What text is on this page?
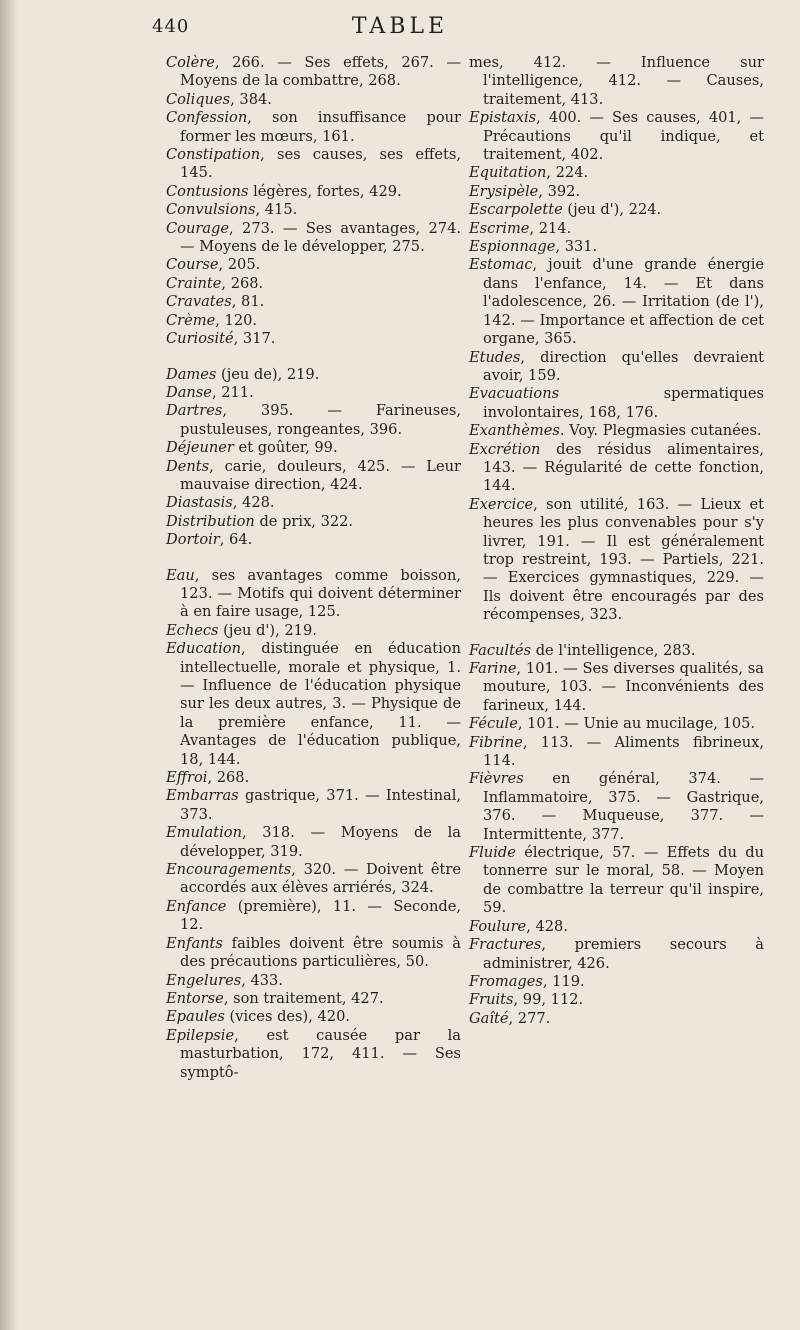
440	TABLE

Colère, 266. — Ses effets, 267. — Moyens de la combattre, 268.

Coliques, 384.

Confession, son insuffisance pour former les mœurs, 161.

Constipation, ses causes, ses effets, 145.

Contusions légères, fortes, 429.

Convulsions, 415.

Courage, 273. — Ses avantages, 274. — Moyens de le développer, 275.

Course, 205.

Crainte, 268.

Cravates, 81.

Crème, 120.

Curiosité, 317.

Dames (jeu de), 219.

Danse, 211.

Dartres, 395. — Farineuses, pustuleuses, rongeantes, 396.

Déjeuner et goûter, 99.

Dents, carie, douleurs, 425. — Leur mauvaise direction, 424.

Diastasis, 428.

Distribution de prix, 322.

Dortoir, 64.

Eau, ses avantages comme boisson, 123. — Motifs qui doivent déterminer à en faire usage, 125.

Echecs (jeu d'), 219.

Education, distinguée en éducation intellectuelle, morale et physique, 1. — Influence de l'éducation physique sur les deux autres, 3. — Physique de la première enfance, 11. — Avantages de l'éducation publique, 18, 144.

Effroi, 268.

Embarras gastrique, 371. — Intestinal, 373.

Emulation, 318. — Moyens de la développer, 319.

Encouragements, 320. — Doivent être accordés aux élèves arriérés, 324.

Enfance (première), 11. — Seconde, 12.

Enfants faibles doivent être soumis à des précautions particulières, 50.

Engelures, 433.

Entorse, son traitement, 427.

Epaules (vices des), 420.

Epilepsie, est causée par la masturbation, 172, 411. — Ses symptô-

mes, 412. — Influence sur l'intelligence, 412. — Causes, traitement, 413.

Epistaxis, 400. — Ses causes, 401, — Précautions qu'il indique, et traitement, 402.

Equitation, 224.

Erysipèle, 392.

Escarpolette (jeu d'), 224.

Escrime, 214.

Espionnage, 331.

Estomac, jouit d'une grande énergie dans l'enfance, 14. — Et dans l'adolescence, 26. — Irritation (de l'), 142. — Importance et affection de cet organe, 365.

Etudes, direction qu'elles devraient avoir, 159.

Evacuations spermatiques involontaires, 168, 176.

Exanthèmes. Voy. Plegmasies cutanées.

Excrétion des résidus alimentaires, 143. — Régularité de cette fonction, 144.

Exercice, son utilité, 163. — Lieux et heures les plus convenables pour s'y livrer, 191. — Il est généralement trop restreint, 193. — Partiels, 221. — Exercices gymnastiques, 229. — Ils doivent être encouragés par des récompenses, 323.

Facultés de l'intelligence, 283.

Farine, 101. — Ses diverses qualités, sa mouture, 103. — Inconvénients des farineux, 144.

Fécule, 101. — Unie au mucilage, 105.

Fibrine, 113. — Aliments fibrineux, 114.

Fièvres en général, 374. — Inflammatoire, 375. — Gastrique, 376. — Muqueuse, 377. — Intermittente, 377.

Fluide électrique, 57. — Effets du du tonnerre sur le moral, 58. — Moyen de combattre la terreur qu'il inspire, 59.

Foulure, 428.

Fractures, premiers secours à administrer, 426.

Fromages, 119.

Fruits, 99, 112.

Gaîté, 277.
